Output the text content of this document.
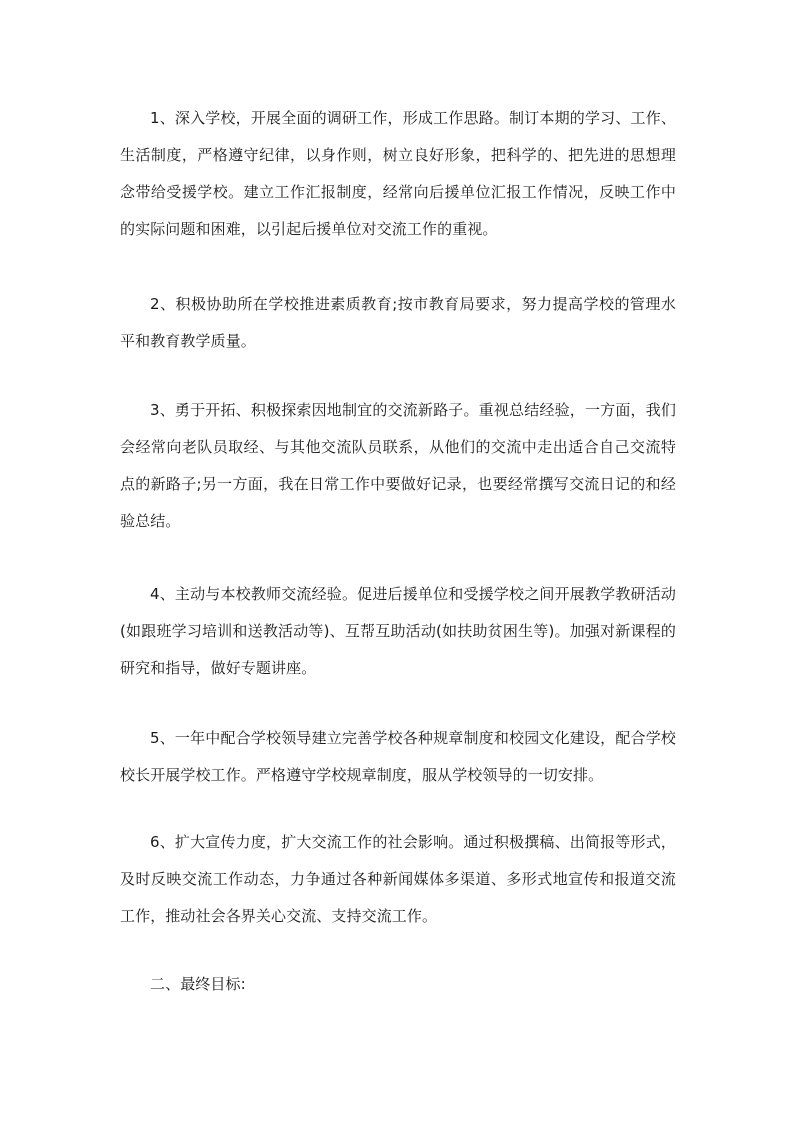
1、深入学校，开展全面的调研工作，形成工作思路。制订本期的学习、工作、生活制度，严格遵守纪律，以身作则，树立良好形象，把科学的、把先进的思想理念带给受援学校。建立工作汇报制度，经常向后援单位汇报工作情况，反映工作中的实际问题和困难，以引起后援单位对交流工作的重视。

2、积极协助所在学校推进素质教育;按市教育局要求，努力提高学校的管理水平和教育教学质量。

3、勇于开拓、积极探索因地制宜的交流新路子。重视总结经验，一方面，我们会经常向老队员取经、与其他交流队员联系，从他们的交流中走出适合自己交流特点的新路子;另一方面，我在日常工作中要做好记录，也要经常撰写交流日记的和经验总结。

4、主动与本校教师交流经验。促进后援单位和受援学校之间开展教学教研活动(如跟班学习培训和送教活动等)、互帮互助活动(如扶助贫困生等)。加强对新课程的研究和指导，做好专题讲座。

5、一年中配合学校领导建立完善学校各种规章制度和校园文化建设，配合学校校长开展学校工作。严格遵守学校规章制度，服从学校领导的一切安排。

6、扩大宣传力度，扩大交流工作的社会影响。通过积极撰稿、出简报等形式，及时反映交流工作动态，力争通过各种新闻媒体多渠道、多形式地宣传和报道交流工作，推动社会各界关心交流、支持交流工作。

二、最终目标:
